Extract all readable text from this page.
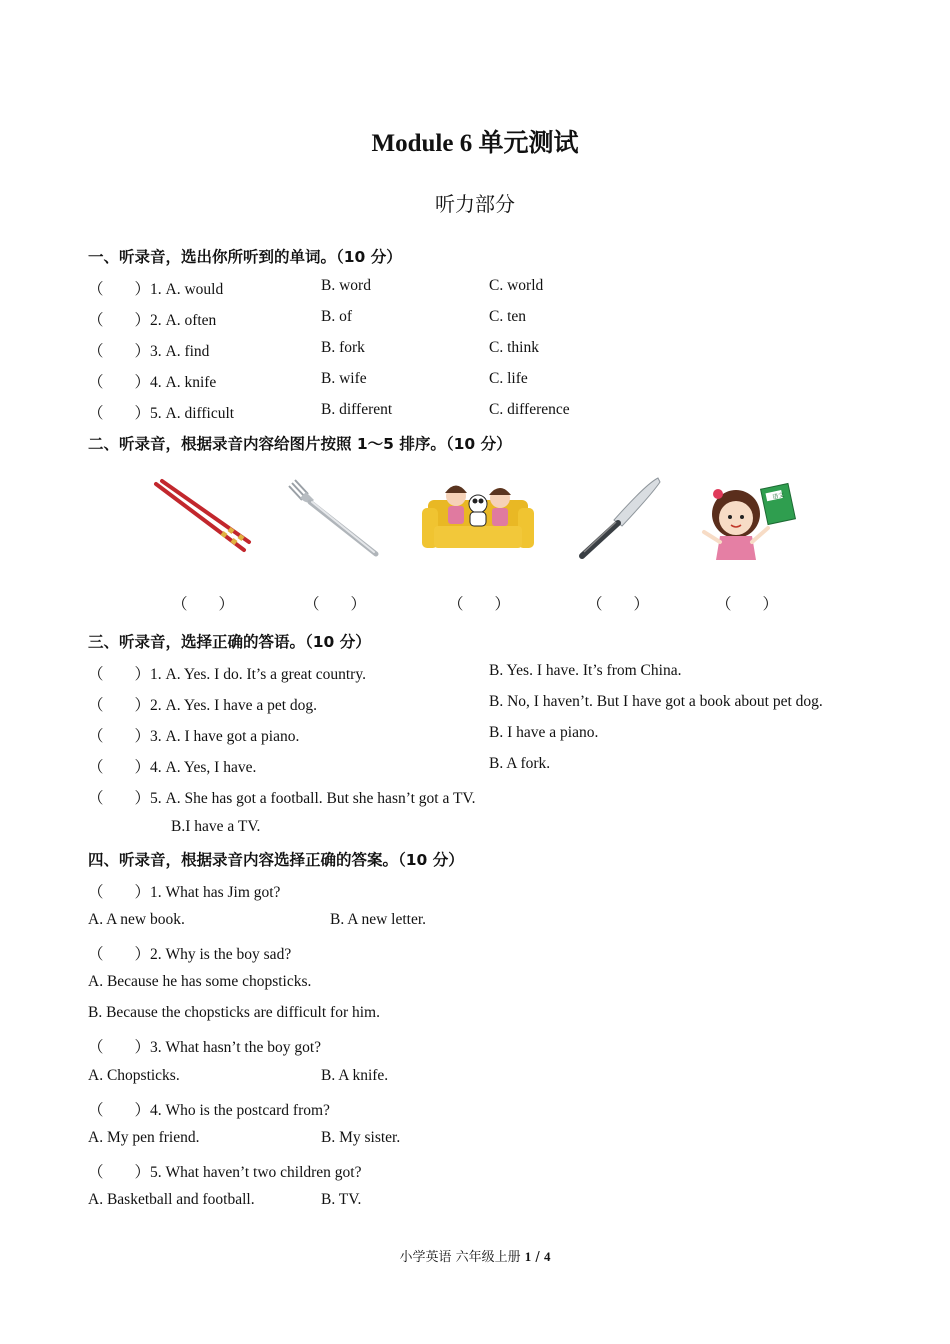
Module 6 单元测试
听力部分
一、听录音，选出你所听到的单词。（10 分）
（　　）1. A. would	B. word	C. world
（　　）2. A. often	B. of	C. ten
（　　）3. A. find	B. fork	C. think
（　　）4. A. knife	B. wife	C. life
（　　）5. A. difficult	B. different	C. difference
二、听录音，根据录音内容给图片按照 1～5 排序。（10 分）
语文
（　　）	（　　）	（　　）	（　　）	（　　）
三、听录音，选择正确的答语。（10 分）
（　　）1. A. Yes. I do. It’s a great country.	B. Yes. I have. It’s from China.
（　　）2. A. Yes. I have a pet dog.	B. No, I haven’t. But I have got a book about pet dog.
（　　）3. A. I have got a piano.	B. I have a piano.
（　　）4. A. Yes, I have.	B. A fork.
（　　）5. A. She has got a football. But she hasn’t got a TV.
B.I have a TV.
四、听录音，根据录音内容选择正确的答案。（10 分）
（　　）1. What has Jim got?
A. A new book.	B. A new letter.
（　　）2. Why is the boy sad?
A. Because he has some chopsticks.
B. Because the chopsticks are difficult for him.
（　　）3. What hasn’t the boy got?
A. Chopsticks.	B. A knife.
（　　）4. Who is the postcard from?
A. My pen friend.	B. My sister.
（　　）5. What haven’t two children got?
A. Basketball and football.	B. TV.
小学英语 六年级上册 1 / 4
